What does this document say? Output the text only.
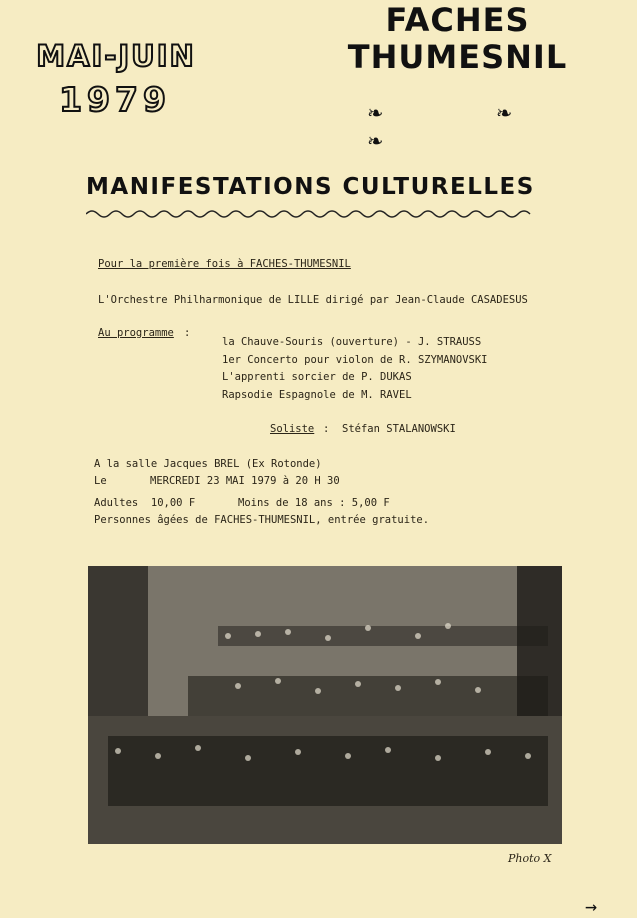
MAI-JUIN
1979
FACHES
THUMESNIL
❧ ❧ ❧
MANIFESTATIONS CULTURELLES
Pour la première fois à FACHES-THUMESNIL
L'Orchestre Philharmonique de LILLE dirigé par Jean-Claude CASADESUS
Au programme :
la Chauve-Souris (ouverture) - J. STRAUSS
1er Concerto pour violon de R. SZYMANOVSKI
L'apprenti sorcier de P. DUKAS
Rapsodie Espagnole de M. RAVEL
Soliste : Stéfan STALANOWSKI
A la salle Jacques BREL (Ex Rotonde)
Le	MERCREDI 23 MAI 1979 à 20 H 30
Adultes  10,00 F	Moins de 18 ans : 5,00 F
Personnes âgées de FACHES-THUMESNIL, entrée gratuite.
Photo X
→
